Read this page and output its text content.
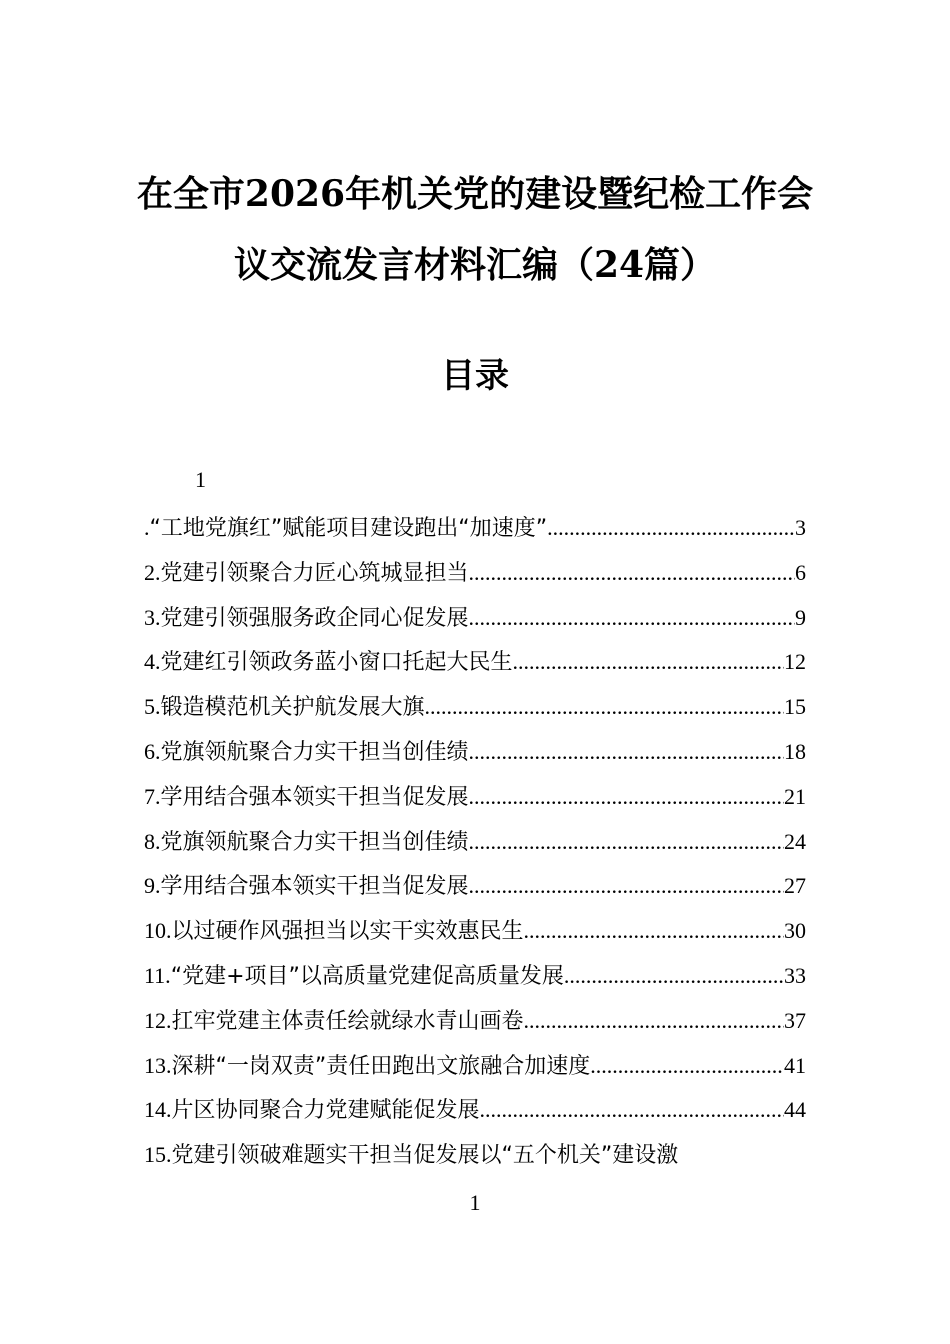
在全市2026年机关党的建设暨纪检工作会
议交流发言材料汇编（24篇）
目录
1
.“工地党旗红”赋能项目建设跑出“加速度” .....	3
2.党建引领聚合力匠心筑城显担当 .....	6
3.党建引领强服务政企同心促发展 .....	9
4.党建红引领政务蓝小窗口托起大民生 .....	12
5.锻造模范机关护航发展大旗 .....	15
6.党旗领航聚合力实干担当创佳绩 .....	18
7.学用结合强本领实干担当促发展 .....	21
8.党旗领航聚合力实干担当创佳绩 .....	24
9.学用结合强本领实干担当促发展 .....	27
10.以过硬作风强担当以实干实效惠民生 .....	30
11.“党建+项目”以高质量党建促高质量发展 .....	33
12.扛牢党建主体责任绘就绿水青山画卷 .....	37
13.深耕“一岗双责”责任田跑出文旅融合加速度 .....	41
14.片区协同聚合力党建赋能促发展 .....	44
15.党建引领破难题实干担当促发展以“五个机关”建设激
1
